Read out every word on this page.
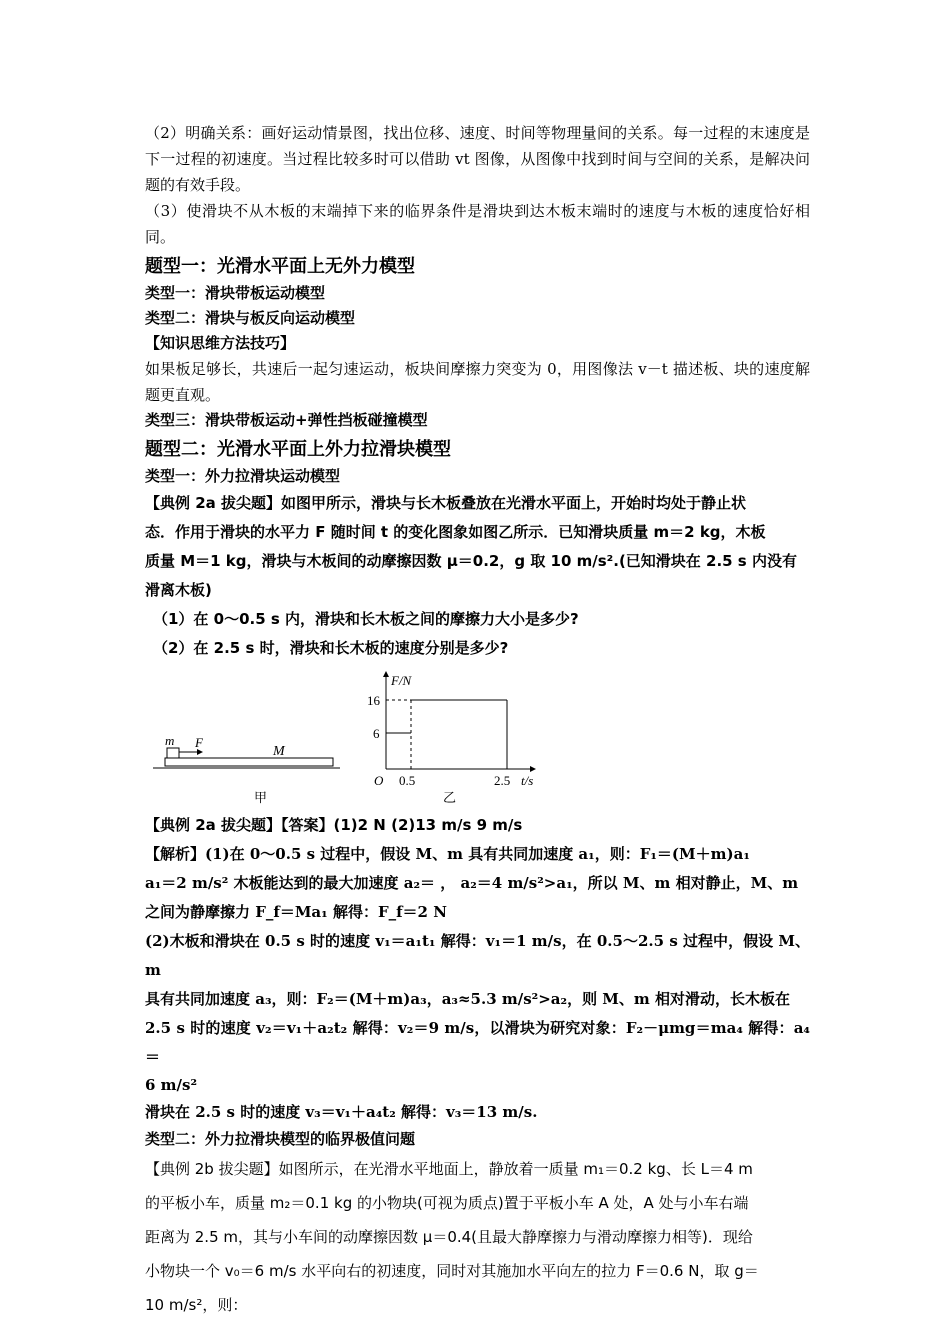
（2）明确关系：画好运动情景图，找出位移、速度、时间等物理量间的关系。每一过程的末速度是下一过程的初速度。当过程比较多时可以借助 vt 图像，从图像中找到时间与空间的关系，是解决问题的有效手段。

（3）使滑块不从木板的末端掉下来的临界条件是滑块到达木板末端时的速度与木板的速度恰好相同。

题型一：光滑水平面上无外力模型
类型一：滑块带板运动模型
类型二：滑块与板反向运动模型
【知识思维方法技巧】

如果板足够长，共速后一起匀速运动，板块间摩擦力突变为 0，用图像法 v－t 描述板、块的速度解题更直观。

类型三：滑块带板运动+弹性挡板碰撞模型
题型二：光滑水平面上外力拉滑块模型
类型一：外力拉滑块运动模型

【典例 2a 拔尖题】如图甲所示，滑块与长木板叠放在光滑水平面上，开始时均处于静止状

态．作用于滑块的水平力 F 随时间 t 的变化图象如图乙所示．已知滑块质量 m＝2 kg，木板

质量 M＝1 kg，滑块与木板间的动摩擦因数 μ＝0.2，g 取 10 m/s².(已知滑块在 2.5 s 内没有

滑离木板)

（1）在 0～0.5 s 内，滑块和长木板之间的摩擦力大小是多少?

（2）在 2.5 s 时，滑块和长木板的速度分别是多少?

m F
M
甲
F/N
16
6
O 0.5	2.5 t/s
乙

【典例 2a 拔尖题】【答案】(1)2 N (2)13 m/s 9 m/s

【解析】(1)在 0～0.5 s 过程中，假设 M、m 具有共同加速度 a₁，则：F₁＝(M＋m)a₁

a₁＝2 m/s² 木板能达到的最大加速度 a₂＝ ， a₂＝4 m/s²>a₁，所以 M、m 相对静止，M、m

之间为静摩擦力 F_f＝Ma₁ 解得：F_f＝2 N

(2)木板和滑块在 0.5 s 时的速度 v₁＝a₁t₁ 解得：v₁＝1 m/s，在 0.5～2.5 s 过程中，假设 M、m

具有共同加速度 a₃，则：F₂＝(M＋m)a₃，a₃≈5.3 m/s²>a₂，则 M、m 相对滑动，长木板在

2.5 s 时的速度 v₂＝v₁＋a₂t₂ 解得：v₂＝9 m/s，以滑块为研究对象：F₂－μmg＝ma₄ 解得：a₄＝

6 m/s²

滑块在 2.5 s 时的速度 v₃＝v₁＋a₄t₂ 解得：v₃＝13 m/s.

类型二：外力拉滑块模型的临界极值问题

【典例 2b 拔尖题】如图所示，在光滑水平地面上，静放着一质量 m₁＝0.2 kg、长 L＝4 m

的平板小车，质量 m₂＝0.1 kg 的小物块(可视为质点)置于平板小车 A 处，A 处与小车右端

距离为 2.5 m，其与小车间的动摩擦因数 μ＝0.4(且最大静摩擦力与滑动摩擦力相等)．现给

小物块一个 v₀＝6 m/s 水平向右的初速度，同时对其施加水平向左的拉力 F＝0.6 N，取 g＝

10 m/s²，则：
